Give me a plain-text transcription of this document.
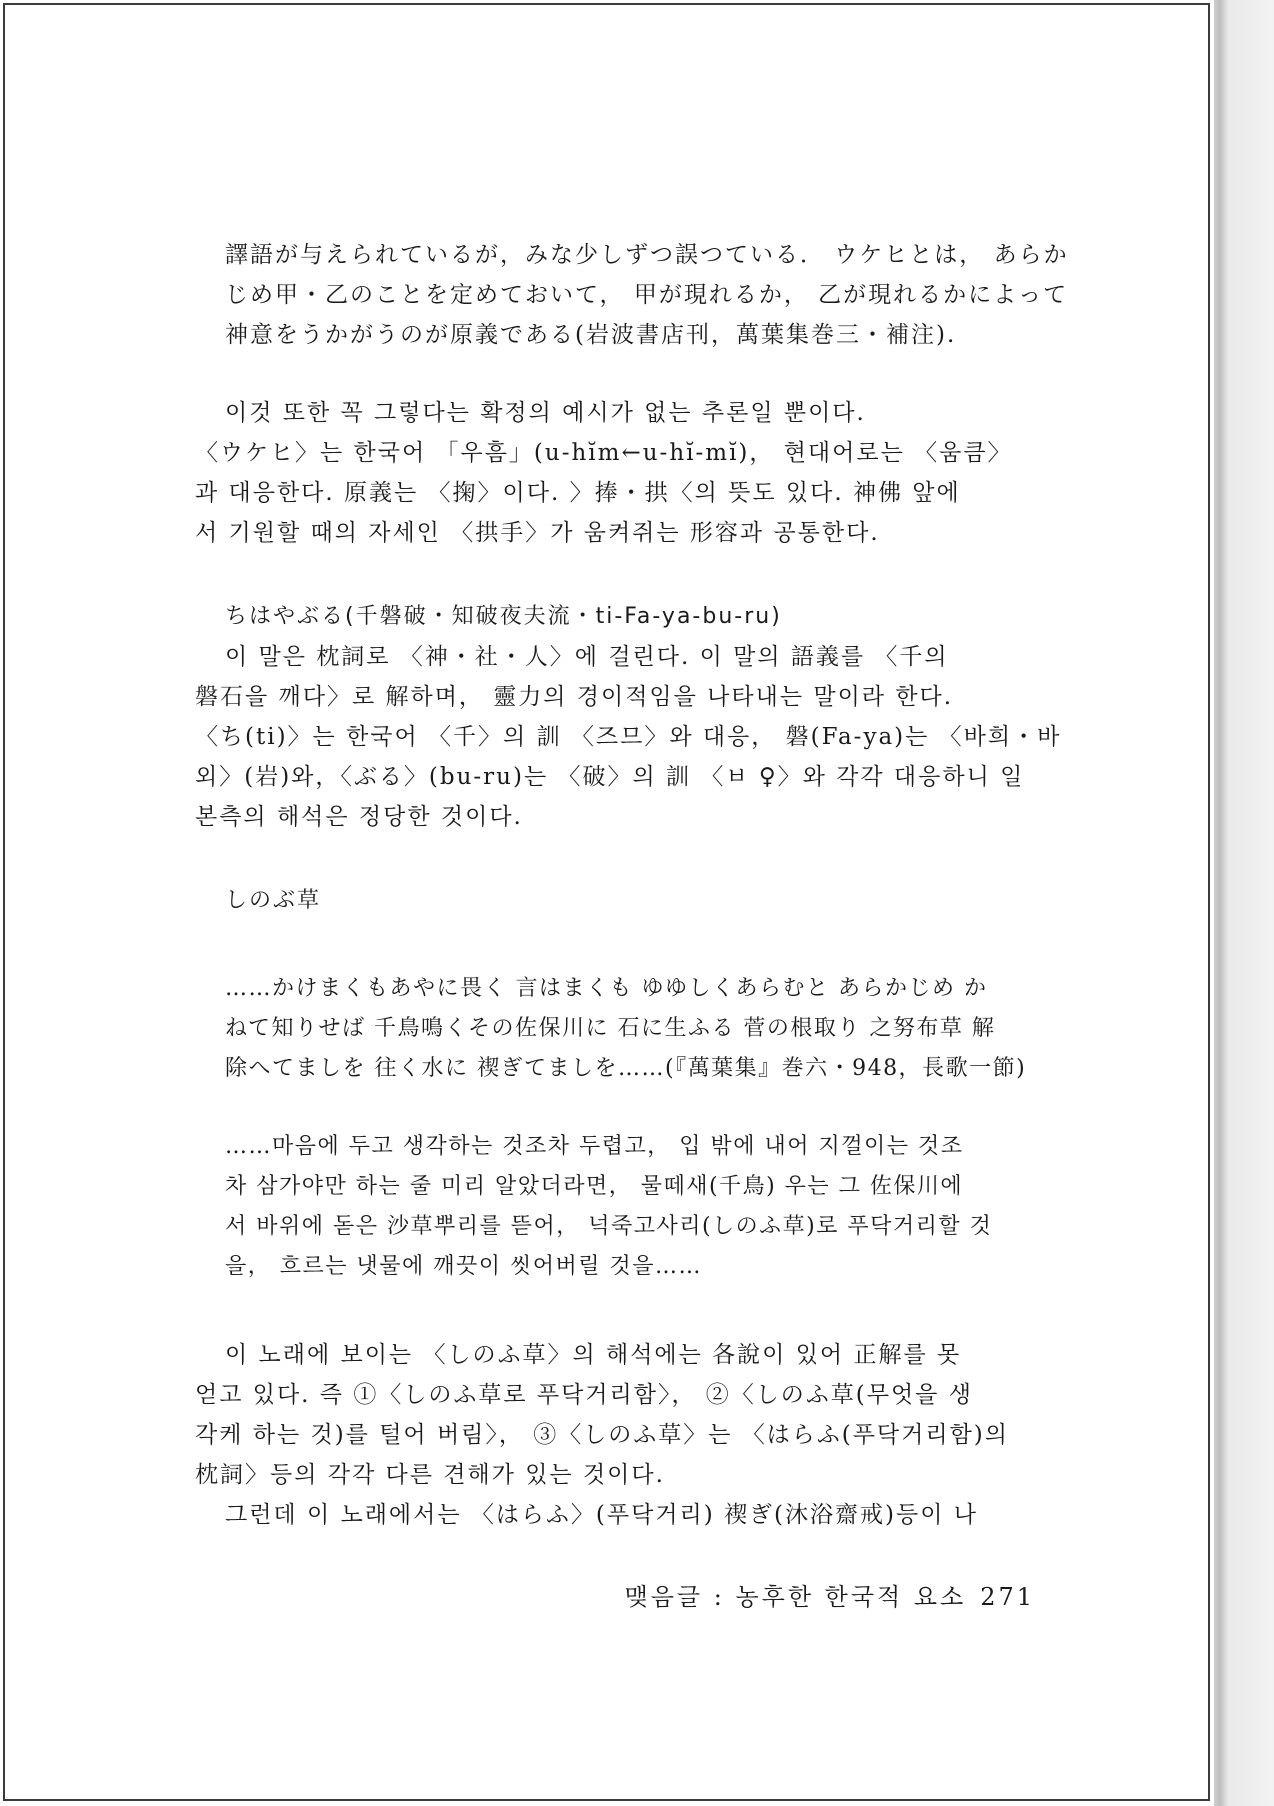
譯語が与えられているが，みな少しずつ誤つている． ウケヒとは， あらか
じめ甲・乙のことを定めておいて， 甲が現れるか， 乙が現れるかによって
神意をうかがうのが原義である(岩波書店刊，萬葉集巻三・補注).
이것 또한 꼭 그렇다는 확정의 예시가 없는 추론일 뿐이다.
〈ウケヒ〉는 한국어 「우흠」(u-hĭm←u-hĭ-mĭ)， 현대어로는 〈움큼〉
과 대응한다. 原義는 〈掬〉이다. 〉捧・拱〈의 뜻도 있다. 神佛 앞에
서 기원할 때의 자세인 〈拱手〉가 움켜쥐는 形容과 공통한다.
ちはやぶる(千磐破・知破夜夫流・ti-Fa-ya-bu-ru)
이 말은 枕詞로 〈神・社・人〉에 걸린다. 이 말의 語義를 〈千의
磐石을 깨다〉로 解하며， 靈力의 경이적임을 나타내는 말이라 한다.
〈ち(ti)〉는 한국어 〈千〉의 訓 〈즈므〉와 대응， 磐(Fa-ya)는 〈바희・바
외〉(岩)와，〈ぶる〉(bu-ru)는 〈破〉의 訓 〈ㅂ ♀〉와 각각 대응하니 일
본측의 해석은 정당한 것이다.
しのぶ草
……かけまくもあやに畏く 言はまくも ゆゆしくあらむと あらかじめ か
ねて知りせば 千鳥鳴くその佐保川に 石に生ふる 菅の根取り 之努布草 解
除へてましを 往く水に 禊ぎてましを……(『萬葉集』巻六・948，長歌一節)
……마음에 두고 생각하는 것조차 두렵고， 입 밖에 내어 지껄이는 것조
차 삼가야만 하는 줄 미리 알았더라면， 물떼새(千鳥) 우는 그 佐保川에
서 바위에 돋은 沙草뿌리를 뜯어， 넉죽고사리(しのふ草)로 푸닥거리할 것
을， 흐르는 냇물에 깨끗이 씻어버릴 것을……
이 노래에 보이는 〈しのふ草〉의 해석에는 各說이 있어 正解를 못
얻고 있다. 즉 ①〈しのふ草로 푸닥거리함〉， ②〈しのふ草(무엇을 생
각케 하는 것)를 털어 버림〉， ③〈しのふ草〉는 〈はらふ(푸닥거리함)의
枕詞〉등의 각각 다른 견해가 있는 것이다.
그런데 이 노래에서는 〈はらふ〉(푸닥거리) 禊ぎ(沐浴齋戒)등이 나
맺음글 : 농후한 한국적 요소 271
